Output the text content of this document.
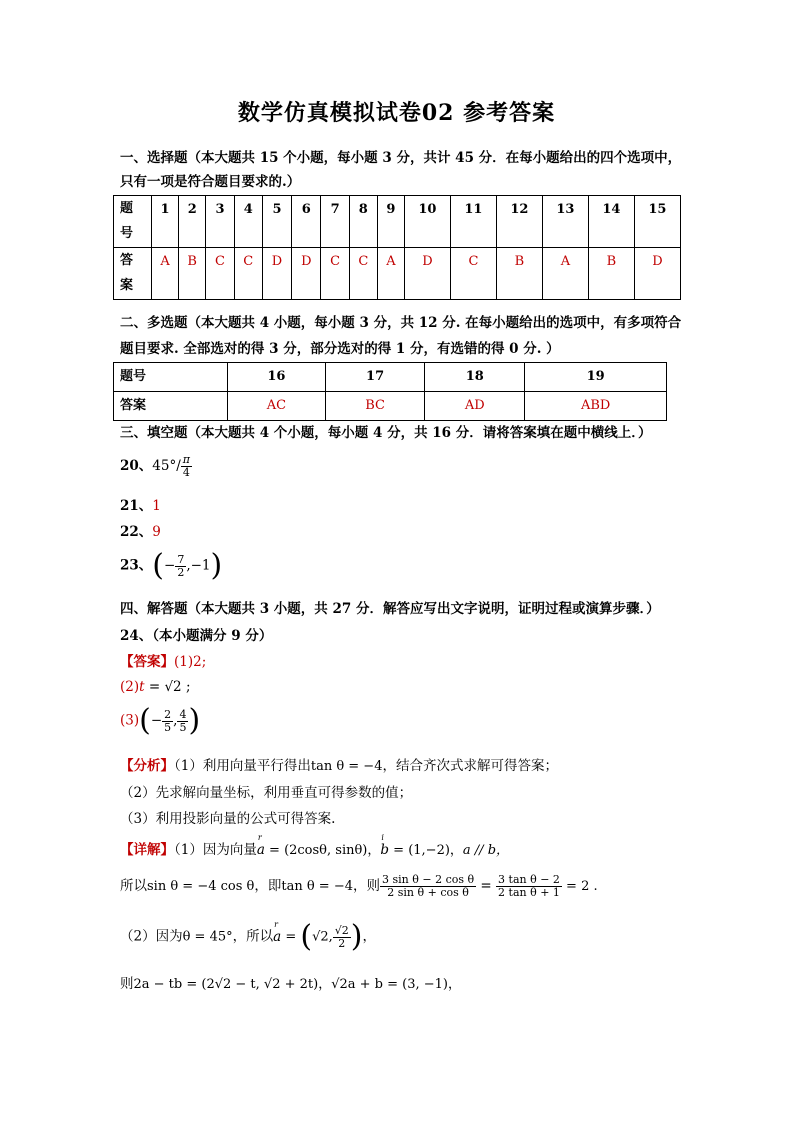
数学仿真模拟试卷02 参考答案
一、选择题（本大题共 15 个小题，每小题 3 分，共计 45 分．在每小题给出的四个选项中，
只有一项是符合题目要求的.）
题
号	1	2	3	4	5	6	7	8	9	10	11	12	13	14	15
答
案	A	B	C	C	D	D	C	C	A	D	C	B	A	B	D
二、多选题（本大题共 4 小题，每小题 3 分，共 12 分. 在每小题给出的选项中，有多项符合
题目要求. 全部选对的得 3 分，部分选对的得 1 分，有选错的得 0 分. ）
题号	16	17	18	19
答案	AC	BC	AD	ABD
三、填空题（本大题共 4 个小题，每小题 4 分，共 16 分．请将答案填在题中横线上．）
20、$45^\circ/ \frac{\pi}{4}$
21、1
22、9
23、(− $\frac{7}{2} ,-1$)
四、解答题（本大题共 3 小题，共 27 分．解答应写出文字说明，证明过程或演算步骤．）
24、（本小题满分 9 分）
【答案】(1)2;
(2)t = √2 ;
$(3)(- \frac{2}{5}$ , $\frac{4}{5}$ )
【分析】（1）利用向量平行得出tan θ = −4，结合齐次式求解可得答案；
（2）先求解向量坐标，利用垂直可得参数的值；
（3）利用投影向量的公式可得答案.
【详解】（1）因为向量
r
a = (2cosθ, sinθ)，
i
b = (1,−2)，a // b，
所以sin θ = −4 cos θ，即tan θ = −4，则 $\frac{\text{3 sin θ − 2 cos θ}}{\text{2 sin θ + cos θ}} = \frac{\text{3 tan θ − 2}}{\text{2 tan θ + 1}} = 2$ .
（2）因为θ = 45°，所以
r
a = (√2, $\frac{√2}{2}$ )，
则2a − tb = (2√2 − t, √2 + 2t)，√2a + b = (3, −1)，
